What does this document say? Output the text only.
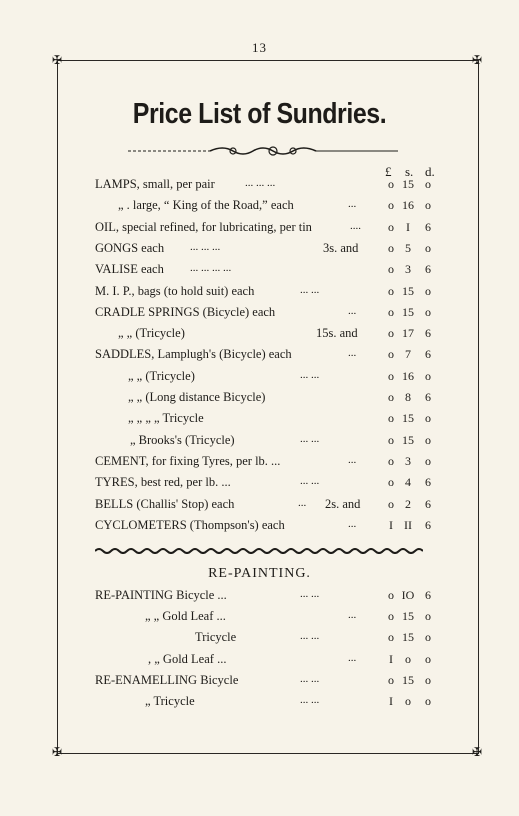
13
✠	✠
✠	✠
Price List of Sundries.
£ s. d.
LAMPS, small, per pair	... ... ...	o 15 o
„ . large, “ King of the Road,” each	...	o 16 o
OIL, special refined, for lubricating, per tin	....	o	I	6
GONGS each ... ... ...	3s. and	o 5	o
VALISE each ... ... ... ...	o 3	6
M. I. P., bags (to hold suit) each	... ...	o 15 o
CRADLE SPRINGS (Bicycle) each	...	o 15 o
„ „ (Tricycle)	15s. and	o 17 6
SADDLES, Lamplugh's (Bicycle) each	...	o 7	6
„ „ (Tricycle)	... ...	o 16 o
„ „ (Long distance Bicycle)	o 8	6
„ „ „ „ Tricycle	o 15 o
„ Brooks's (Tricycle)	... ...	o 15 o
CEMENT, for fixing Tyres, per lb. ...	...	o 3	o
TYRES, best red, per lb. ...	... ...	o 4	6
BELLS (Challis' Stop) each	... 2s. and	o 2	6
CYCLOMETERS (Thompson's) each	...	I II	6
RE-PAINTING.
RE-PAINTING Bicycle ...	... ...	o IO 6
„ „ Gold Leaf ...	...	o 15 o
Tricycle	... ...	o 15 o
, „ Gold Leaf ...	...	I	o	o
RE-ENAMELLING Bicycle	... ...	o 15 o
„ Tricycle	... ...	I	o	o
